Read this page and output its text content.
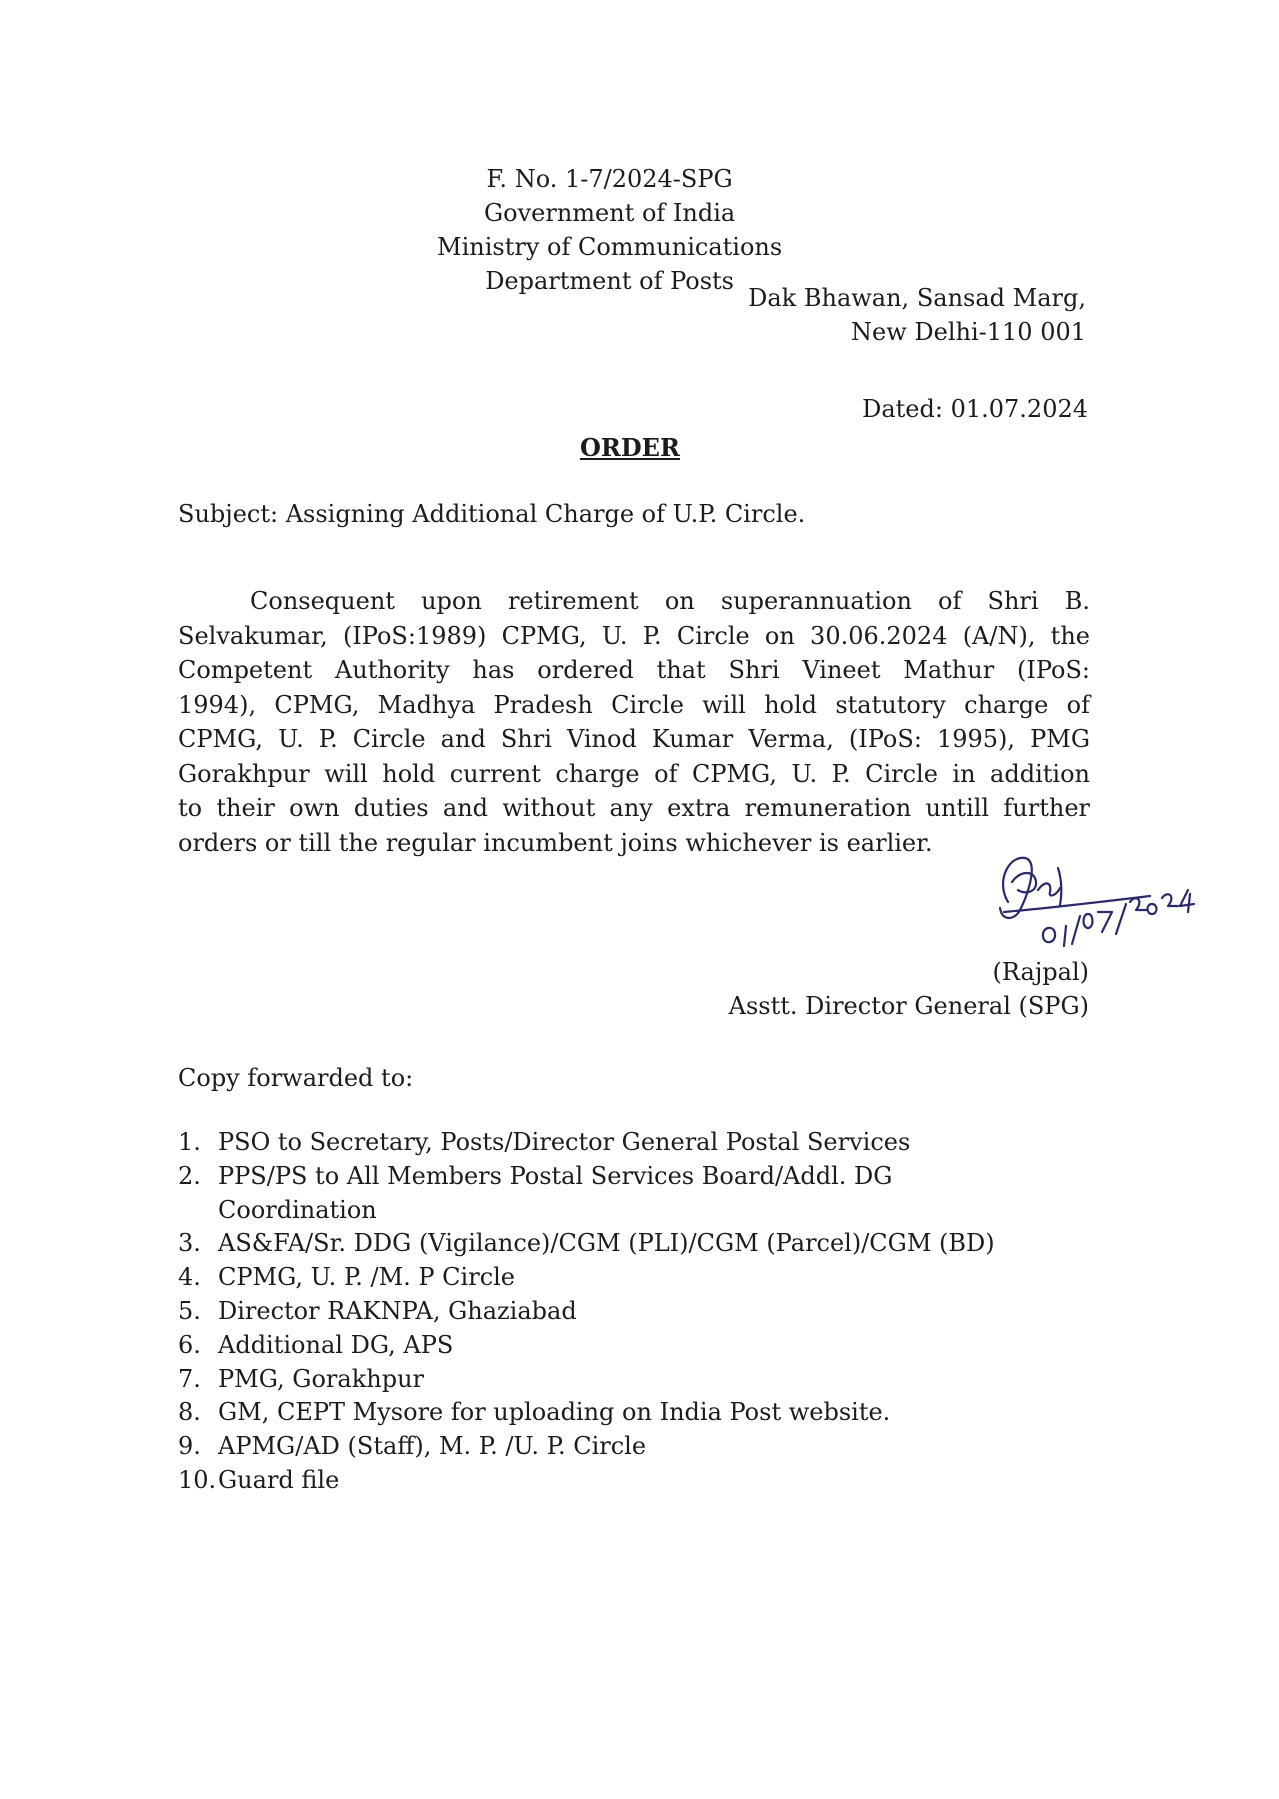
F. No. 1-7/2024-SPG
Government of India
Ministry of Communications
Department of Posts
Dak Bhawan, Sansad Marg,
New Delhi-110 001
Dated: 01.07.2024
ORDER
Subject: Assigning Additional Charge of U.P. Circle.
Consequent upon retirement on superannuation of Shri B.
Selvakumar, (IPoS:1989) CPMG, U. P. Circle on 30.06.2024 (A/N), the
Competent Authority has ordered that Shri Vineet Mathur (IPoS:
1994), CPMG, Madhya Pradesh Circle will hold statutory charge of
CPMG, U. P. Circle and Shri Vinod Kumar Verma, (IPoS: 1995), PMG
Gorakhpur will hold current charge of CPMG, U. P. Circle in addition
to their own duties and without any extra remuneration untill further
orders or till the regular incumbent joins whichever is earlier.
(Rajpal)
Asstt. Director General (SPG)
Copy forwarded to:
1. PSO to Secretary, Posts/Director General Postal Services
2. PPS/PS to All Members Postal Services Board/Addl. DG
Coordination
3. AS&FA/Sr. DDG (Vigilance)/CGM (PLI)/CGM (Parcel)/CGM (BD)
4. CPMG, U. P. /M. P Circle
5. Director RAKNPA, Ghaziabad
6. Additional DG, APS
7. PMG, Gorakhpur
8. GM, CEPT Mysore for uploading on India Post website.
9. APMG/AD (Staff), M. P. /U. P. Circle
10. Guard file
